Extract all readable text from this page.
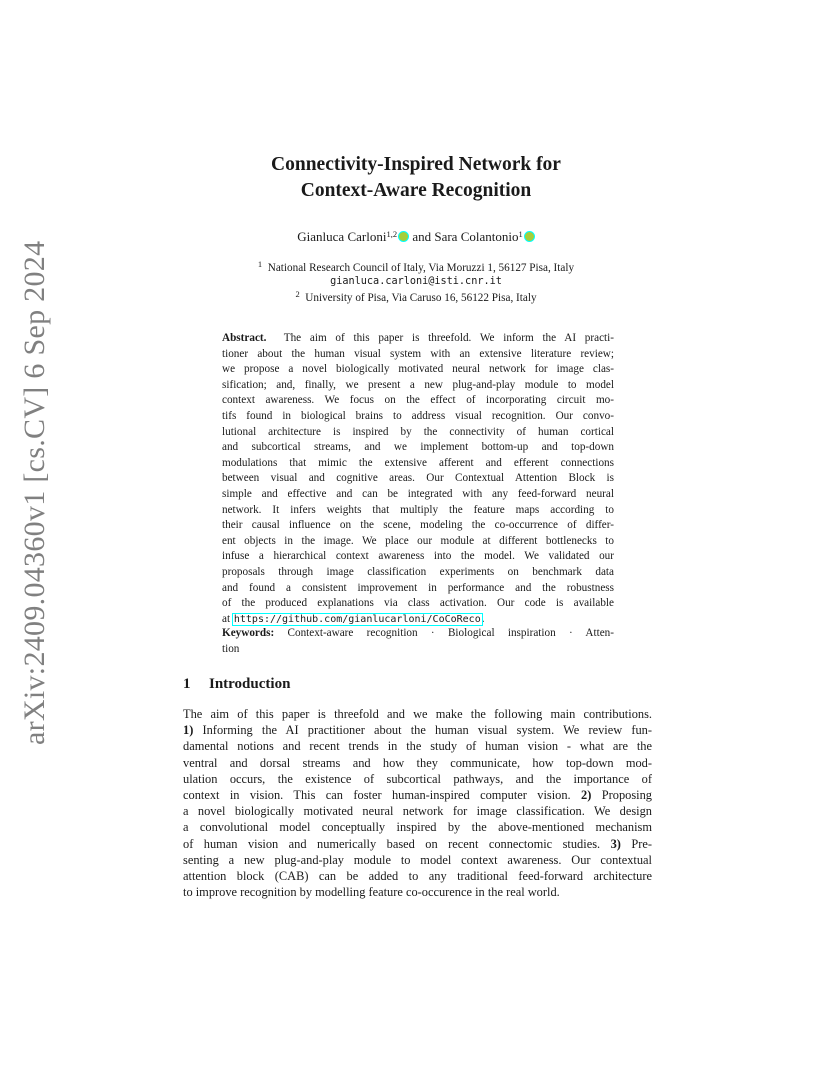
arXiv:2409.04360v1 [cs.CV] 6 Sep 2024
Connectivity-Inspired Network for
Context-Aware Recognition
Gianluca Carloni$^{1,2}$ and Sara Colantonio$^1$
$^1$ National Research Council of Italy, Via Moruzzi 1, 56127 Pisa, Italy
gianluca.carloni@isti.cnr.it
$^2$ University of Pisa, Via Caruso 16, 56122 Pisa, Italy
Abstract. The aim of this paper is threefold. We inform the AI practi-
tioner about the human visual system with an extensive literature review;
we propose a novel biologically motivated neural network for image clas-
sification; and, finally, we present a new plug-and-play module to model
context awareness. We focus on the effect of incorporating circuit mo-
tifs found in biological brains to address visual recognition. Our convo-
lutional architecture is inspired by the connectivity of human cortical
and subcortical streams, and we implement bottom-up and top-down
modulations that mimic the extensive afferent and efferent connections
between visual and cognitive areas. Our Contextual Attention Block is
simple and effective and can be integrated with any feed-forward neural
network. It infers weights that multiply the feature maps according to
their causal influence on the scene, modeling the co-occurrence of differ-
ent objects in the image. We place our module at different bottlenecks to
infuse a hierarchical context awareness into the model. We validated our
proposals through image classification experiments on benchmark data
and found a consistent improvement in performance and the robustness
of the produced explanations via class activation. Our code is available
at https://github.com/gianlucarloni/CoCoReco.
Keywords: Context-aware recognition · Biological inspiration · Atten-
tion
1 Introduction
The aim of this paper is threefold and we make the following main contributions.
1) Informing the AI practitioner about the human visual system. We review fun-
damental notions and recent trends in the study of human vision - what are the
ventral and dorsal streams and how they communicate, how top-down mod-
ulation occurs, the existence of subcortical pathways, and the importance of
context in vision. This can foster human-inspired computer vision. 2) Proposing
a novel biologically motivated neural network for image classification. We design
a convolutional model conceptually inspired by the above-mentioned mechanism
of human vision and numerically based on recent connectomic studies. 3) Pre-
senting a new plug-and-play module to model context awareness. Our contextual
attention block (CAB) can be added to any traditional feed-forward architecture
to improve recognition by modelling feature co-occurence in the real world.
